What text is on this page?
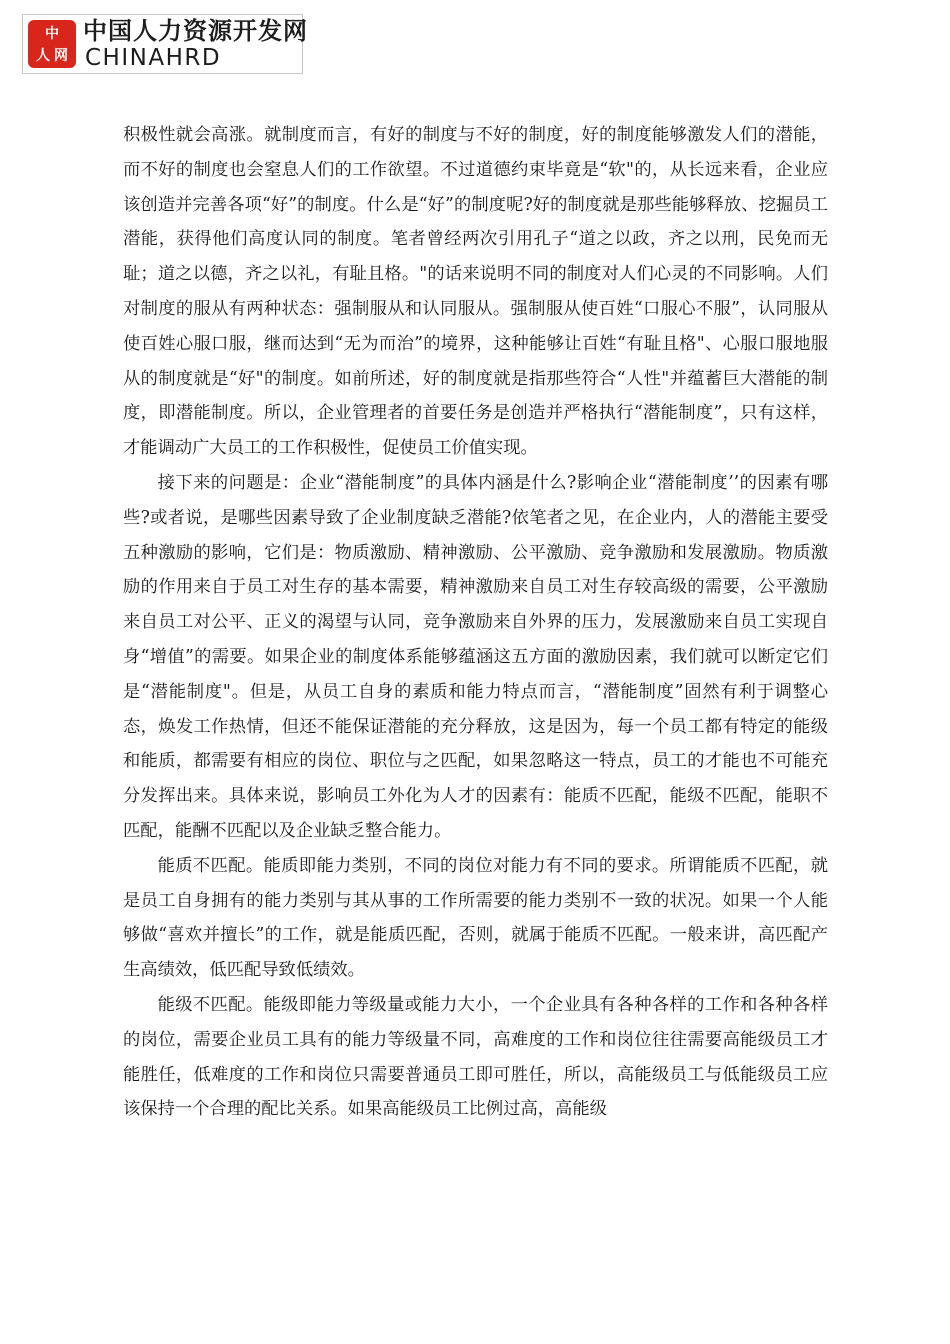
中
人 网
中国人力资源开发网
CHINAHRD

积极性就会高涨。就制度而言，有好的制度与不好的制度，好的制度能够激发人们的潜能，而不好的制度也会窒息人们的工作欲望。不过道德约束毕竟是“软"的，从长远来看，企业应该创造并完善各项“好”的制度。什么是“好”的制度呢?好的制度就是那些能够释放、挖掘员工潜能，获得他们高度认同的制度。笔者曾经两次引用孔子“道之以政，齐之以刑，民免而无耻；道之以德，齐之以礼，有耻且格。"的话来说明不同的制度对人们心灵的不同影响。人们对制度的服从有两种状态：强制服从和认同服从。强制服从使百姓“口服心不服”，认同服从使百姓心服口服，继而达到“无为而治”的境界，这种能够让百姓“有耻且格"、心服口服地服从的制度就是“好"的制度。如前所述，好的制度就是指那些符合“人性"并蕴蓄巨大潜能的制度，即潜能制度。所以，企业管理者的首要任务是创造并严格执行“潜能制度”，只有这样，才能调动广大员工的工作积极性，促使员工价值实现。

接下来的问题是：企业“潜能制度”的具体内涵是什么?影响企业“潜能制度’’的因素有哪些?或者说，是哪些因素导致了企业制度缺乏潜能?依笔者之见，在企业内，人的潜能主要受五种激励的影响，它们是：物质激励、精神激励、公平激励、竞争激励和发展激励。物质激励的作用来自于员工对生存的基本需要，精神激励来自员工对生存较高级的需要，公平激励来自员工对公平、正义的渴望与认同，竞争激励来自外界的压力，发展激励来自员工实现自身“增值”的需要。如果企业的制度体系能够蕴涵这五方面的激励因素，我们就可以断定它们是“潜能制度"。但是，从员工自身的素质和能力特点而言，“潜能制度”固然有利于调整心态，焕发工作热情，但还不能保证潜能的充分释放，这是因为，每一个员工都有特定的能级和能质，都需要有相应的岗位、职位与之匹配，如果忽略这一特点，员工的才能也不可能充分发挥出来。具体来说，影响员工外化为人才的因素有：能质不匹配，能级不匹配，能职不匹配，能酬不匹配以及企业缺乏整合能力。

能质不匹配。能质即能力类别，不同的岗位对能力有不同的要求。所谓能质不匹配，就是员工自身拥有的能力类别与其从事的工作所需要的能力类别不一致的状况。如果一个人能够做“喜欢并擅长”的工作，就是能质匹配，否则，就属于能质不匹配。一般来讲，高匹配产生高绩效，低匹配导致低绩效。

能级不匹配。能级即能力等级量或能力大小，一个企业具有各种各样的工作和各种各样的岗位，需要企业员工具有的能力等级量不同，高难度的工作和岗位往往需要高能级员工才能胜任，低难度的工作和岗位只需要普通员工即可胜任，所以，高能级员工与低能级员工应该保持一个合理的配比关系。如果高能级员工比例过高，高能级
